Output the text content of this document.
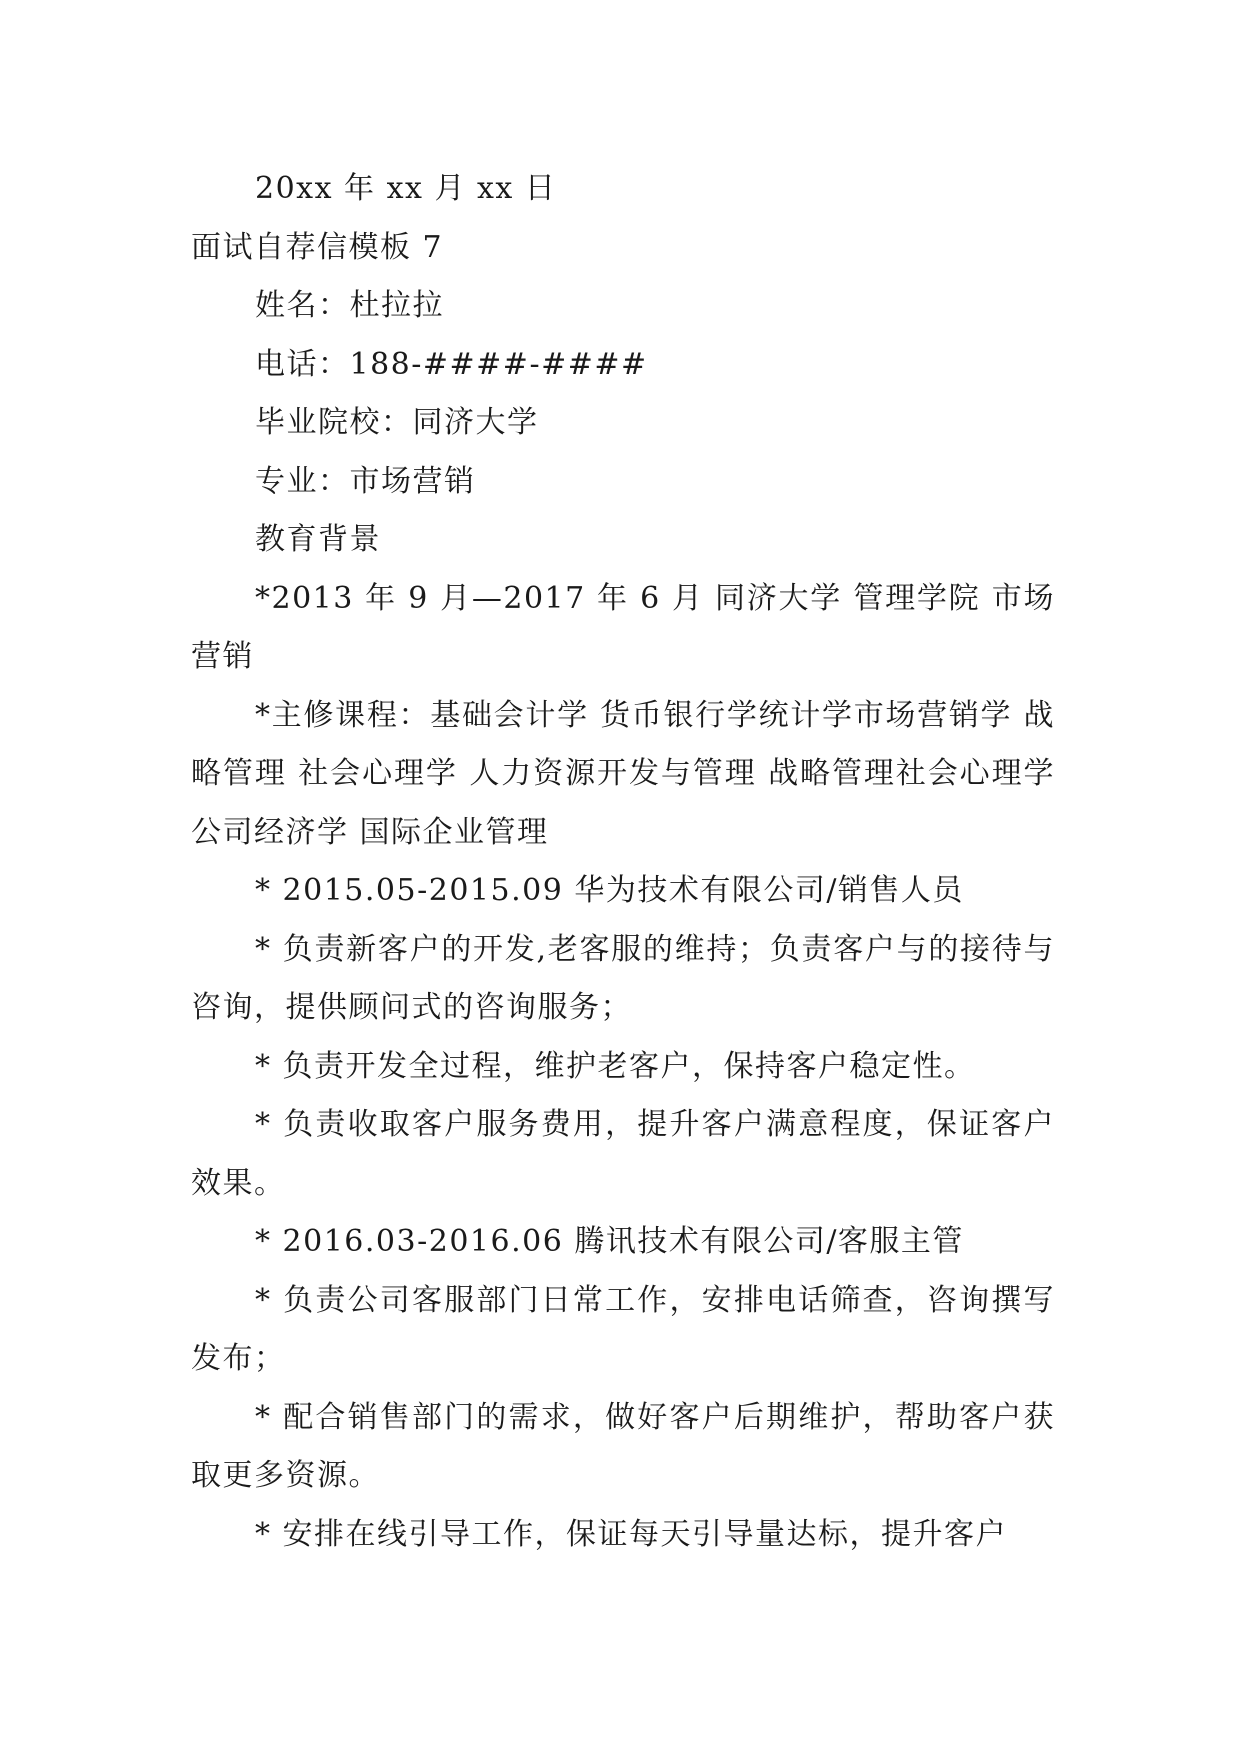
20xx 年 xx 月 xx 日

面试自荐信模板 7

姓名：杜拉拉

电话：188-####-####

毕业院校：同济大学

专业：市场营销

教育背景

*2013 年 9 月—2017 年 6 月 同济大学 管理学院 市场营销

*主修课程：基础会计学 货币银行学统计学市场营销学 战略管理 社会心理学 人力资源开发与管理 战略管理社会心理学 公司经济学 国际企业管理

* 2015.05-2015.09 华为技术有限公司/销售人员

* 负责新客户的开发,老客服的维持；负责客户与的接待与咨询，提供顾问式的咨询服务；

* 负责开发全过程，维护老客户，保持客户稳定性。

* 负责收取客户服务费用，提升客户满意程度，保证客户效果。

* 2016.03-2016.06 腾讯技术有限公司/客服主管

* 负责公司客服部门日常工作，安排电话筛查，咨询撰写发布；

* 配合销售部门的需求，做好客户后期维护，帮助客户获取更多资源。

* 安排在线引导工作，保证每天引导量达标，提升客户
